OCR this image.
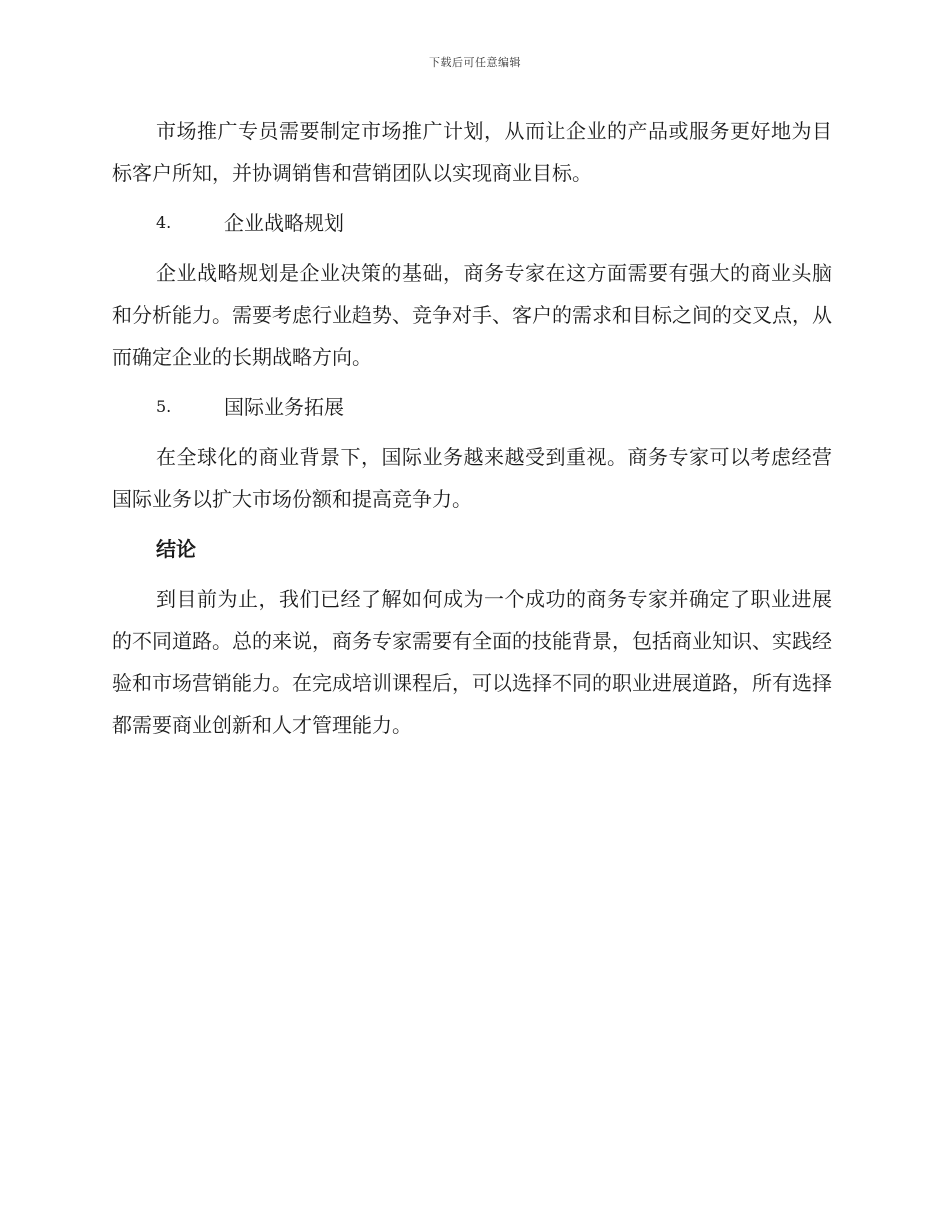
下载后可任意编辑

市场推广专员需要制定市场推广计划，从而让企业的产品或服务更好地为目标客户所知，并协调销售和营销团队以实现商业目标。

4.	企业战略规划

企业战略规划是企业决策的基础，商务专家在这方面需要有强大的商业头脑和分析能力。需要考虑行业趋势、竞争对手、客户的需求和目标之间的交叉点，从而确定企业的长期战略方向。

5.	国际业务拓展

在全球化的商业背景下，国际业务越来越受到重视。商务专家可以考虑经营国际业务以扩大市场份额和提高竞争力。

结论

到目前为止，我们已经了解如何成为一个成功的商务专家并确定了职业进展的不同道路。总的来说，商务专家需要有全面的技能背景，包括商业知识、实践经验和市场营销能力。在完成培训课程后，可以选择不同的职业进展道路，所有选择都需要商业创新和人才管理能力。
